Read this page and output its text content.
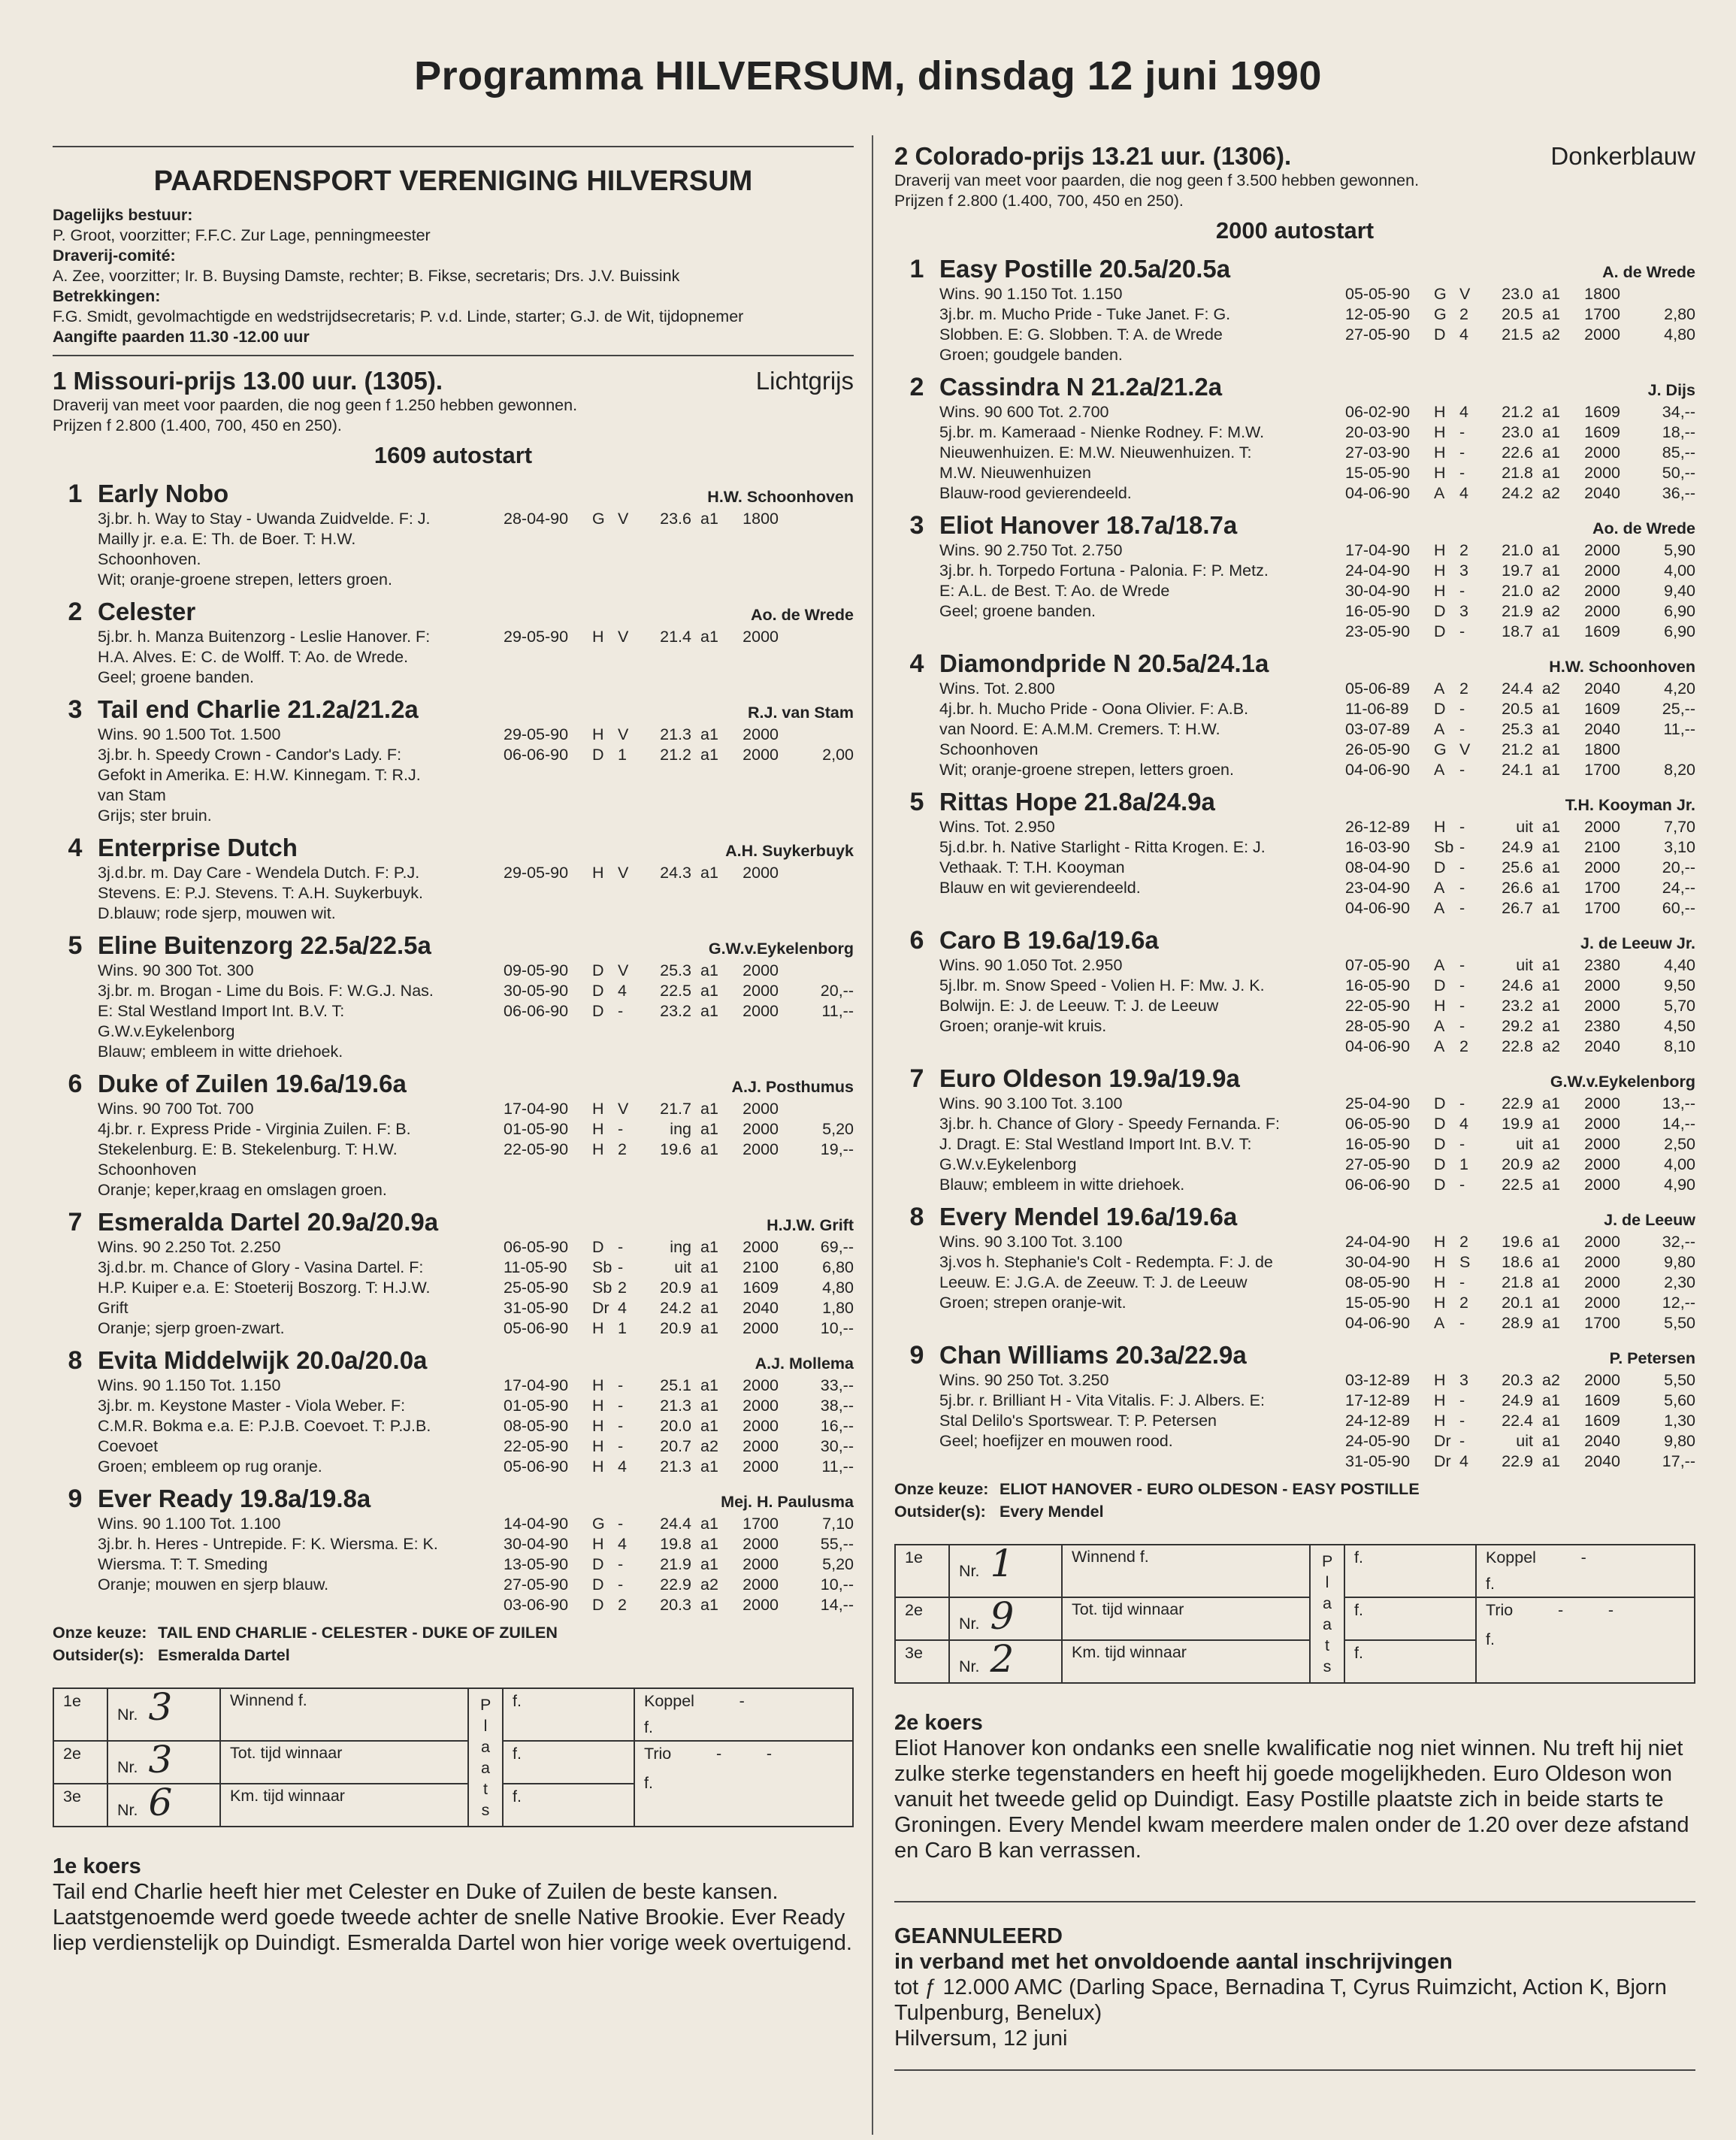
Programma HILVERSUM, dinsdag 12 juni 1990
PAARDENSPORT VERENIGING HILVERSUM
Dagelijks bestuur:
P. Groot, voorzitter; F.F.C. Zur Lage, penningmeester
Draverij-comité:
A. Zee, voorzitter; Ir. B. Buysing Damste, rechter; B. Fikse, secretaris; Drs. J.V. Buissink
Betrekkingen:
F.G. Smidt, gevolmachtigde en wedstrijdsecretaris; P. v.d. Linde, starter; G.J. de Wit, tijdopnemer
Aangifte paarden 11.30 -12.00 uur
1 Missouri-prijs 13.00 uur. (1305).	Lichtgrijs
Draverij van meet voor paarden, die nog geen f 1.250 hebben gewonnen.
Prijzen f 2.800 (1.400, 700, 450 en 250).
1609 autostart
1 Early Nobo	H.W. Schoonhoven
3j.br. h. Way to Stay - Uwanda Zuidvelde. F: J.
Mailly jr. e.a. E: Th. de Boer. T: H.W.
Schoonhoven.
Wit; oranje-groene strepen, letters groen.
28-04-90	G V	23.6 a1	1800
2 Celester	Ao. de Wrede
5j.br. h. Manza Buitenzorg - Leslie Hanover. F:
H.A. Alves. E: C. de Wolff. T: Ao. de Wrede.
Geel; groene banden.
29-05-90	H V	21.4 a1	2000
3 Tail end Charlie 21.2a/21.2a	R.J. van Stam
Wins. 90 1.500 Tot. 1.500
3j.br. h. Speedy Crown - Candor's Lady. F:
Gefokt in Amerika. E: H.W. Kinnegam. T: R.J.
van Stam
Grijs; ster bruin.
29-05-90	H V	21.3 a1	2000
06-06-90	D 1	21.2 a1	2000	2,00
4 Enterprise Dutch	A.H. Suykerbuyk
3j.d.br. m. Day Care - Wendela Dutch. F: P.J.
Stevens. E: P.J. Stevens. T: A.H. Suykerbuyk.
D.blauw; rode sjerp, mouwen wit.
29-05-90	H V	24.3 a1	2000
5 Eline Buitenzorg 22.5a/22.5a	G.W.v.Eykelenborg
Wins. 90 300 Tot. 300
3j.br. m. Brogan - Lime du Bois. F: W.G.J. Nas.
E: Stal Westland Import Int. B.V. T:
G.W.v.Eykelenborg
Blauw; embleem in witte driehoek.
09-05-90	D V	25.3 a1	2000
30-05-90	D 4	22.5 a1	2000	20,--
06-06-90	D -	23.2 a1	2000	11,--
6 Duke of Zuilen 19.6a/19.6a	A.J. Posthumus
Wins. 90 700 Tot. 700
4j.br. r. Express Pride - Virginia Zuilen. F: B.
Stekelenburg. E: B. Stekelenburg. T: H.W.
Schoonhoven
Oranje; keper,kraag en omslagen groen.
17-04-90	H V	21.7 a1	2000
01-05-90	H -	ing a1	2000	5,20
22-05-90	H 2	19.6 a1	2000	19,--
7 Esmeralda Dartel 20.9a/20.9a	H.J.W. Grift
Wins. 90 2.250 Tot. 2.250
3j.d.br. m. Chance of Glory - Vasina Dartel. F:
H.P. Kuiper e.a. E: Stoeterij Boszorg. T: H.J.W.
Grift
Oranje; sjerp groen-zwart.
06-05-90	D -	ing a1	2000	69,--
11-05-90	Sb -	uit a1	2100	6,80
25-05-90	Sb 2	20.9 a1	1609	4,80
31-05-90	Dr 4	24.2 a1	2040	1,80
05-06-90	H 1	20.9 a1	2000	10,--
8 Evita Middelwijk 20.0a/20.0a	A.J. Mollema
Wins. 90 1.150 Tot. 1.150
3j.br. m. Keystone Master - Viola Weber. F:
C.M.R. Bokma e.a. E: P.J.B. Coevoet. T: P.J.B.
Coevoet
Groen; embleem op rug oranje.
17-04-90	H -	25.1 a1	2000	33,--
01-05-90	H -	21.3 a1	2000	38,--
08-05-90	H -	20.0 a1	2000	16,--
22-05-90	H -	20.7 a2	2000	30,--
05-06-90	H 4	21.3 a1	2000	11,--
9 Ever Ready 19.8a/19.8a	Mej. H. Paulusma
Wins. 90 1.100 Tot. 1.100
3j.br. h. Heres - Untrepide. F: K. Wiersma. E: K.
Wiersma. T: T. Smeding
Oranje; mouwen en sjerp blauw.
14-04-90	G -	24.4 a1	1700	7,10
30-04-90	H 4	19.8 a1	2000	55,--
13-05-90	D -	21.9 a1	2000	5,20
27-05-90	D -	22.9 a2	2000	10,--
03-06-90	D 2	20.3 a1	2000	14,--
Onze keuze: TAIL END CHARLIE - CELESTER - DUKE OF ZUILEN
Outsider(s): Esmeralda Dartel
1e	Nr. 3	Winnend f.	P l a a t s	f.	Koppel          -
f.

2e	Nr. 3	Tot. tijd winnaar		f.	Trio          -          -
f.

3e	Nr. 6	Km. tijd winnaar		f.	
1e koers
Tail end Charlie heeft hier met Celester en Duke of Zuilen de beste kansen. Laatstgenoemde werd goede tweede achter de snelle Native Brookie. Ever Ready liep verdienstelijk op Duindigt. Esmeralda Dartel won hier vorige week overtuigend.
2 Colorado-prijs 13.21 uur. (1306).	Donkerblauw
Draverij van meet voor paarden, die nog geen f 3.500 hebben gewonnen.
Prijzen f 2.800 (1.400, 700, 450 en 250).
2000 autostart
1 Easy Postille 20.5a/20.5a	A. de Wrede
Wins. 90 1.150 Tot. 1.150
3j.br. m. Mucho Pride - Tuke Janet. F: G.
Slobben. E: G. Slobben. T: A. de Wrede
Groen; goudgele banden.
05-05-90	G V	23.0 a1	1800
12-05-90	G 2	20.5 a1	1700	2,80
27-05-90	D 4	21.5 a2	2000	4,80
2 Cassindra N 21.2a/21.2a	J. Dijs
Wins. 90 600 Tot. 2.700
5j.br. m. Kameraad - Nienke Rodney. F: M.W.
Nieuwenhuizen. E: M.W. Nieuwenhuizen. T:
M.W. Nieuwenhuizen
Blauw-rood gevierendeeld.
06-02-90	H 4	21.2 a1	1609	34,--
20-03-90	H -	23.0 a1	1609	18,--
27-03-90	H -	22.6 a1	2000	85,--
15-05-90	H -	21.8 a1	2000	50,--
04-06-90	A 4	24.2 a2	2040	36,--
3 Eliot Hanover 18.7a/18.7a	Ao. de Wrede
Wins. 90 2.750 Tot. 2.750
3j.br. h. Torpedo Fortuna - Palonia. F: P. Metz.
E: A.L. de Best. T: Ao. de Wrede
Geel; groene banden.
17-04-90	H 2	21.0 a1	2000	5,90
24-04-90	H 3	19.7 a1	2000	4,00
30-04-90	H -	21.0 a2	2000	9,40
16-05-90	D 3	21.9 a2	2000	6,90
23-05-90	D -	18.7 a1	1609	6,90
4 Diamondpride N 20.5a/24.1a	H.W. Schoonhoven
Wins. Tot. 2.800
4j.br. h. Mucho Pride - Oona Olivier. F: A.B.
van Noord. E: A.M.M. Cremers. T: H.W.
Schoonhoven
Wit; oranje-groene strepen, letters groen.
05-06-89	A 2	24.4 a2	2040	4,20
11-06-89	D -	20.5 a1	1609	25,--
03-07-89	A -	25.3 a1	2040	11,--
26-05-90	G V	21.2 a1	1800
04-06-90	A -	24.1 a1	1700	8,20
5 Rittas Hope 21.8a/24.9a	T.H. Kooyman Jr.
Wins. Tot. 2.950
5j.d.br. h. Native Starlight - Ritta Krogen. E: J.
Vethaak. T: T.H. Kooyman
Blauw en wit gevierendeeld.
26-12-89	H -	uit a1	2000	7,70
16-03-90	Sb -	24.9 a1	2100	3,10
08-04-90	D -	25.6 a1	2000	20,--
23-04-90	A -	26.6 a1	1700	24,--
04-06-90	A -	26.7 a1	1700	60,--
6 Caro B 19.6a/19.6a	J. de Leeuw Jr.
Wins. 90 1.050 Tot. 2.950
5j.lbr. m. Snow Speed - Volien H. F: Mw. J. K.
Bolwijn. E: J. de Leeuw. T: J. de Leeuw
Groen; oranje-wit kruis.
07-05-90	A -	uit a1	2380	4,40
16-05-90	D -	24.6 a1	2000	9,50
22-05-90	H -	23.2 a1	2000	5,70
28-05-90	A -	29.2 a1	2380	4,50
04-06-90	A 2	22.8 a2	2040	8,10
7 Euro Oldeson 19.9a/19.9a	G.W.v.Eykelenborg
Wins. 90 3.100 Tot. 3.100
3j.br. h. Chance of Glory - Speedy Fernanda. F:
J. Dragt. E: Stal Westland Import Int. B.V. T:
G.W.v.Eykelenborg
Blauw; embleem in witte driehoek.
25-04-90	D -	22.9 a1	2000	13,--
06-05-90	D 4	19.9 a1	2000	14,--
16-05-90	D -	uit a1	2000	2,50
27-05-90	D 1	20.9 a2	2000	4,00
06-06-90	D -	22.5 a1	2000	4,90
8 Every Mendel 19.6a/19.6a	J. de Leeuw
Wins. 90 3.100 Tot. 3.100
3j.vos h. Stephanie's Colt - Redempta. F: J. de
Leeuw. E: J.G.A. de Zeeuw. T: J. de Leeuw
Groen; strepen oranje-wit.
24-04-90	H 2	19.6 a1	2000	32,--
30-04-90	H S	18.6 a1	2000	9,80
08-05-90	H -	21.8 a1	2000	2,30
15-05-90	H 2	20.1 a1	2000	12,--
04-06-90	A -	28.9 a1	1700	5,50
9 Chan Williams 20.3a/22.9a	P. Petersen
Wins. 90 250 Tot. 3.250
5j.br. r. Brilliant H - Vita Vitalis. F: J. Albers. E:
Stal Delilo's Sportswear. T: P. Petersen
Geel; hoefijzer en mouwen rood.
03-12-89	H 3	20.3 a2	2000	5,50
17-12-89	H -	24.9 a1	1609	5,60
24-12-89	H -	22.4 a1	1609	1,30
24-05-90	Dr -	uit a1	2040	9,80
31-05-90	Dr 4	22.9 a1	2040	17,--
Onze keuze: ELIOT HANOVER - EURO OLDESON - EASY POSTILLE
Outsider(s): Every Mendel
1e	Nr. 1	Winnend f.	P l a a t s	f.	Koppel          -
f.

2e	Nr. 9	Tot. tijd winnaar		f.	Trio          -          -
f.

3e	Nr. 2	Km. tijd winnaar		f.	
2e koers
Eliot Hanover kon ondanks een snelle kwalificatie nog niet winnen. Nu treft hij niet zulke sterke tegenstanders en heeft hij goede mogelijkheden. Euro Oldeson won vanuit het tweede gelid op Duindigt. Easy Postille plaatste zich in beide starts te Groningen. Every Mendel kwam meerdere malen onder de 1.20 over deze afstand en Caro B kan verrassen.
GEANNULEERD
in verband met het onvoldoende aantal inschrijvingen
tot ƒ 12.000 AMC (Darling Space, Bernadina T, Cyrus Ruimzicht, Action K, Bjorn Tulpenburg, Benelux)
Hilversum, 12 juni
